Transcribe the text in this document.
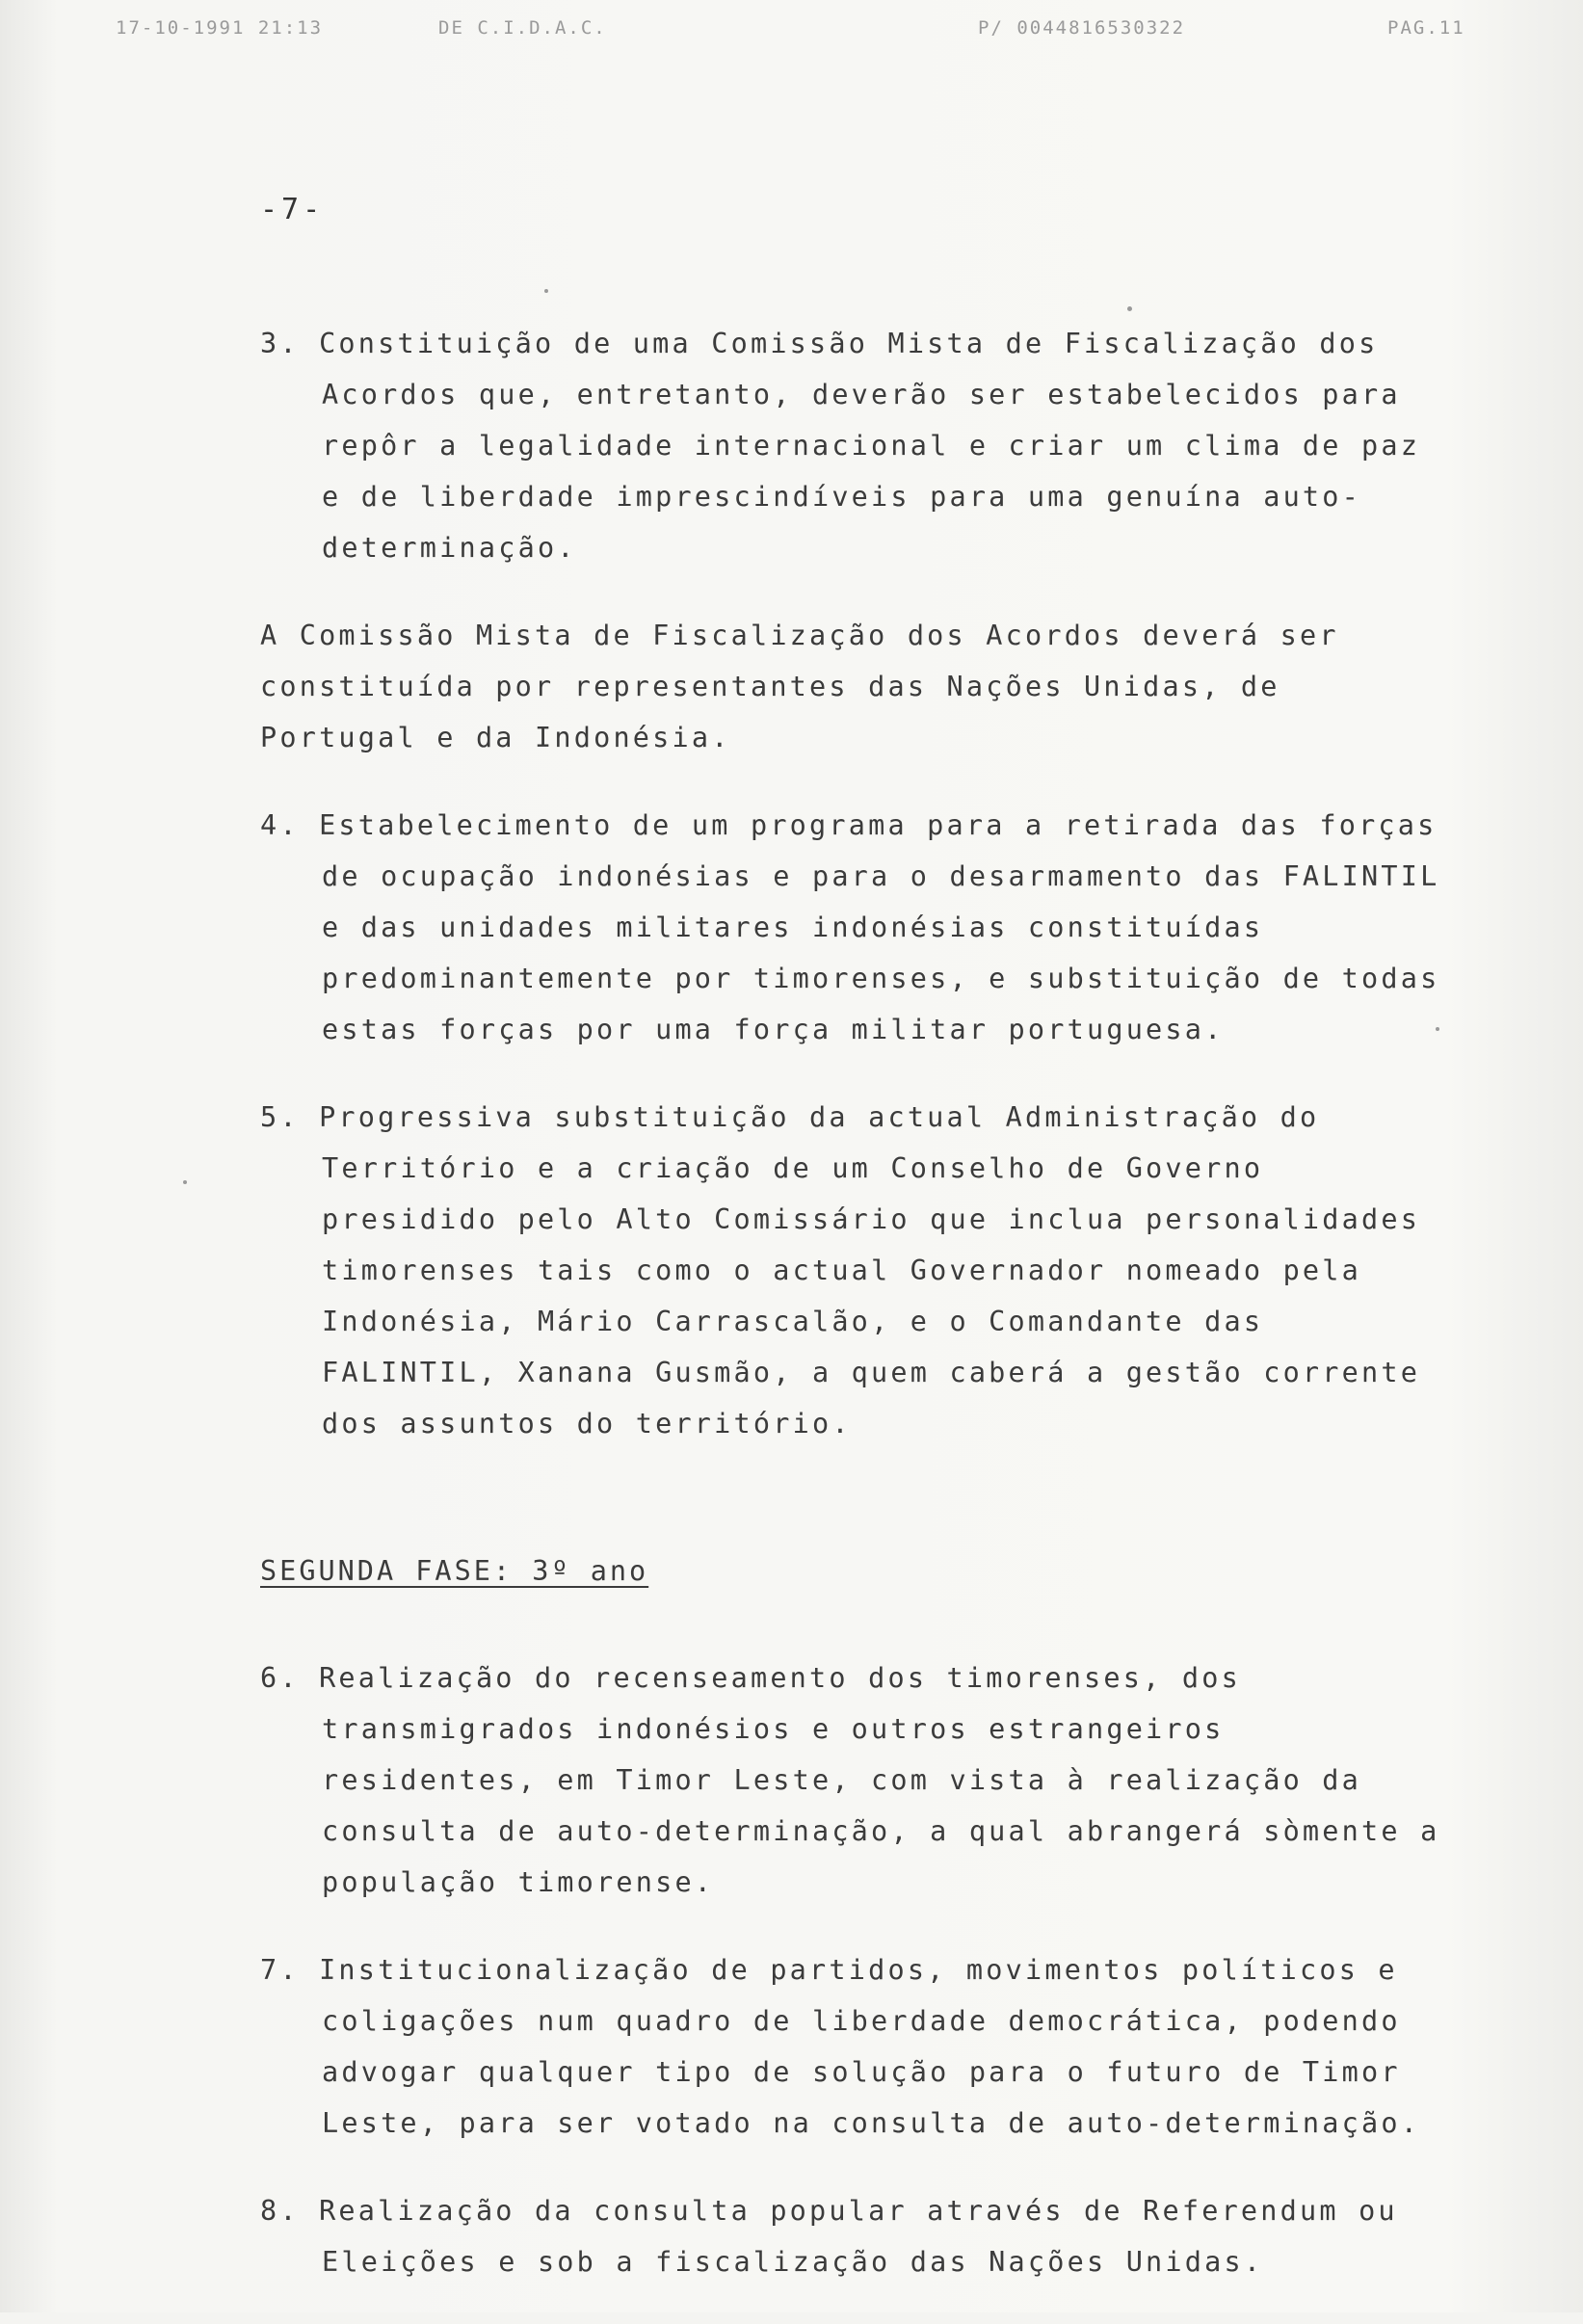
17-10-1991 21:13	DE C.I.D.A.C.	P/ 0044816530322	PAG.11
-7-

3. Constituição de uma Comissão Mista de Fiscalização dos Acordos que, entretanto, deverão ser estabelecidos para repôr a legalidade internacional e criar um clima de paz e de liberdade imprescindíveis para uma genuína auto-determinação.

A Comissão Mista de Fiscalização dos Acordos deverá ser constituída por representantes das Nações Unidas, de Portugal e da Indonésia.

4. Estabelecimento de um programa para a retirada das forças de ocupação indonésias e para o desarmamento das FALINTIL e das unidades militares indonésias constituídas predominantemente por timorenses, e substituição de todas estas forças por uma força militar portuguesa.

5. Progressiva substituição da actual Administração do Território e a criação de um Conselho de Governo presidido pelo Alto Comissário que inclua personalidades timorenses tais como o actual Governador nomeado pela Indonésia, Mário Carrascalão, e o Comandante das FALINTIL, Xanana Gusmão, a quem caberá a gestão corrente dos assuntos do território.

SEGUNDA FASE: 3º ano

6. Realização do recenseamento dos timorenses, dos transmigrados indonésios e outros estrangeiros residentes, em Timor Leste, com vista à realização da consulta de auto-determinação, a qual abrangerá sòmente a população timorense.

7. Institucionalização de partidos, movimentos políticos e coligações num quadro de liberdade democrática, podendo advogar qualquer tipo de solução para o futuro de Timor Leste, para ser votado na consulta de auto-determinação.

8. Realização da consulta popular através de Referendum ou Eleições e sob a fiscalização das Nações Unidas.
